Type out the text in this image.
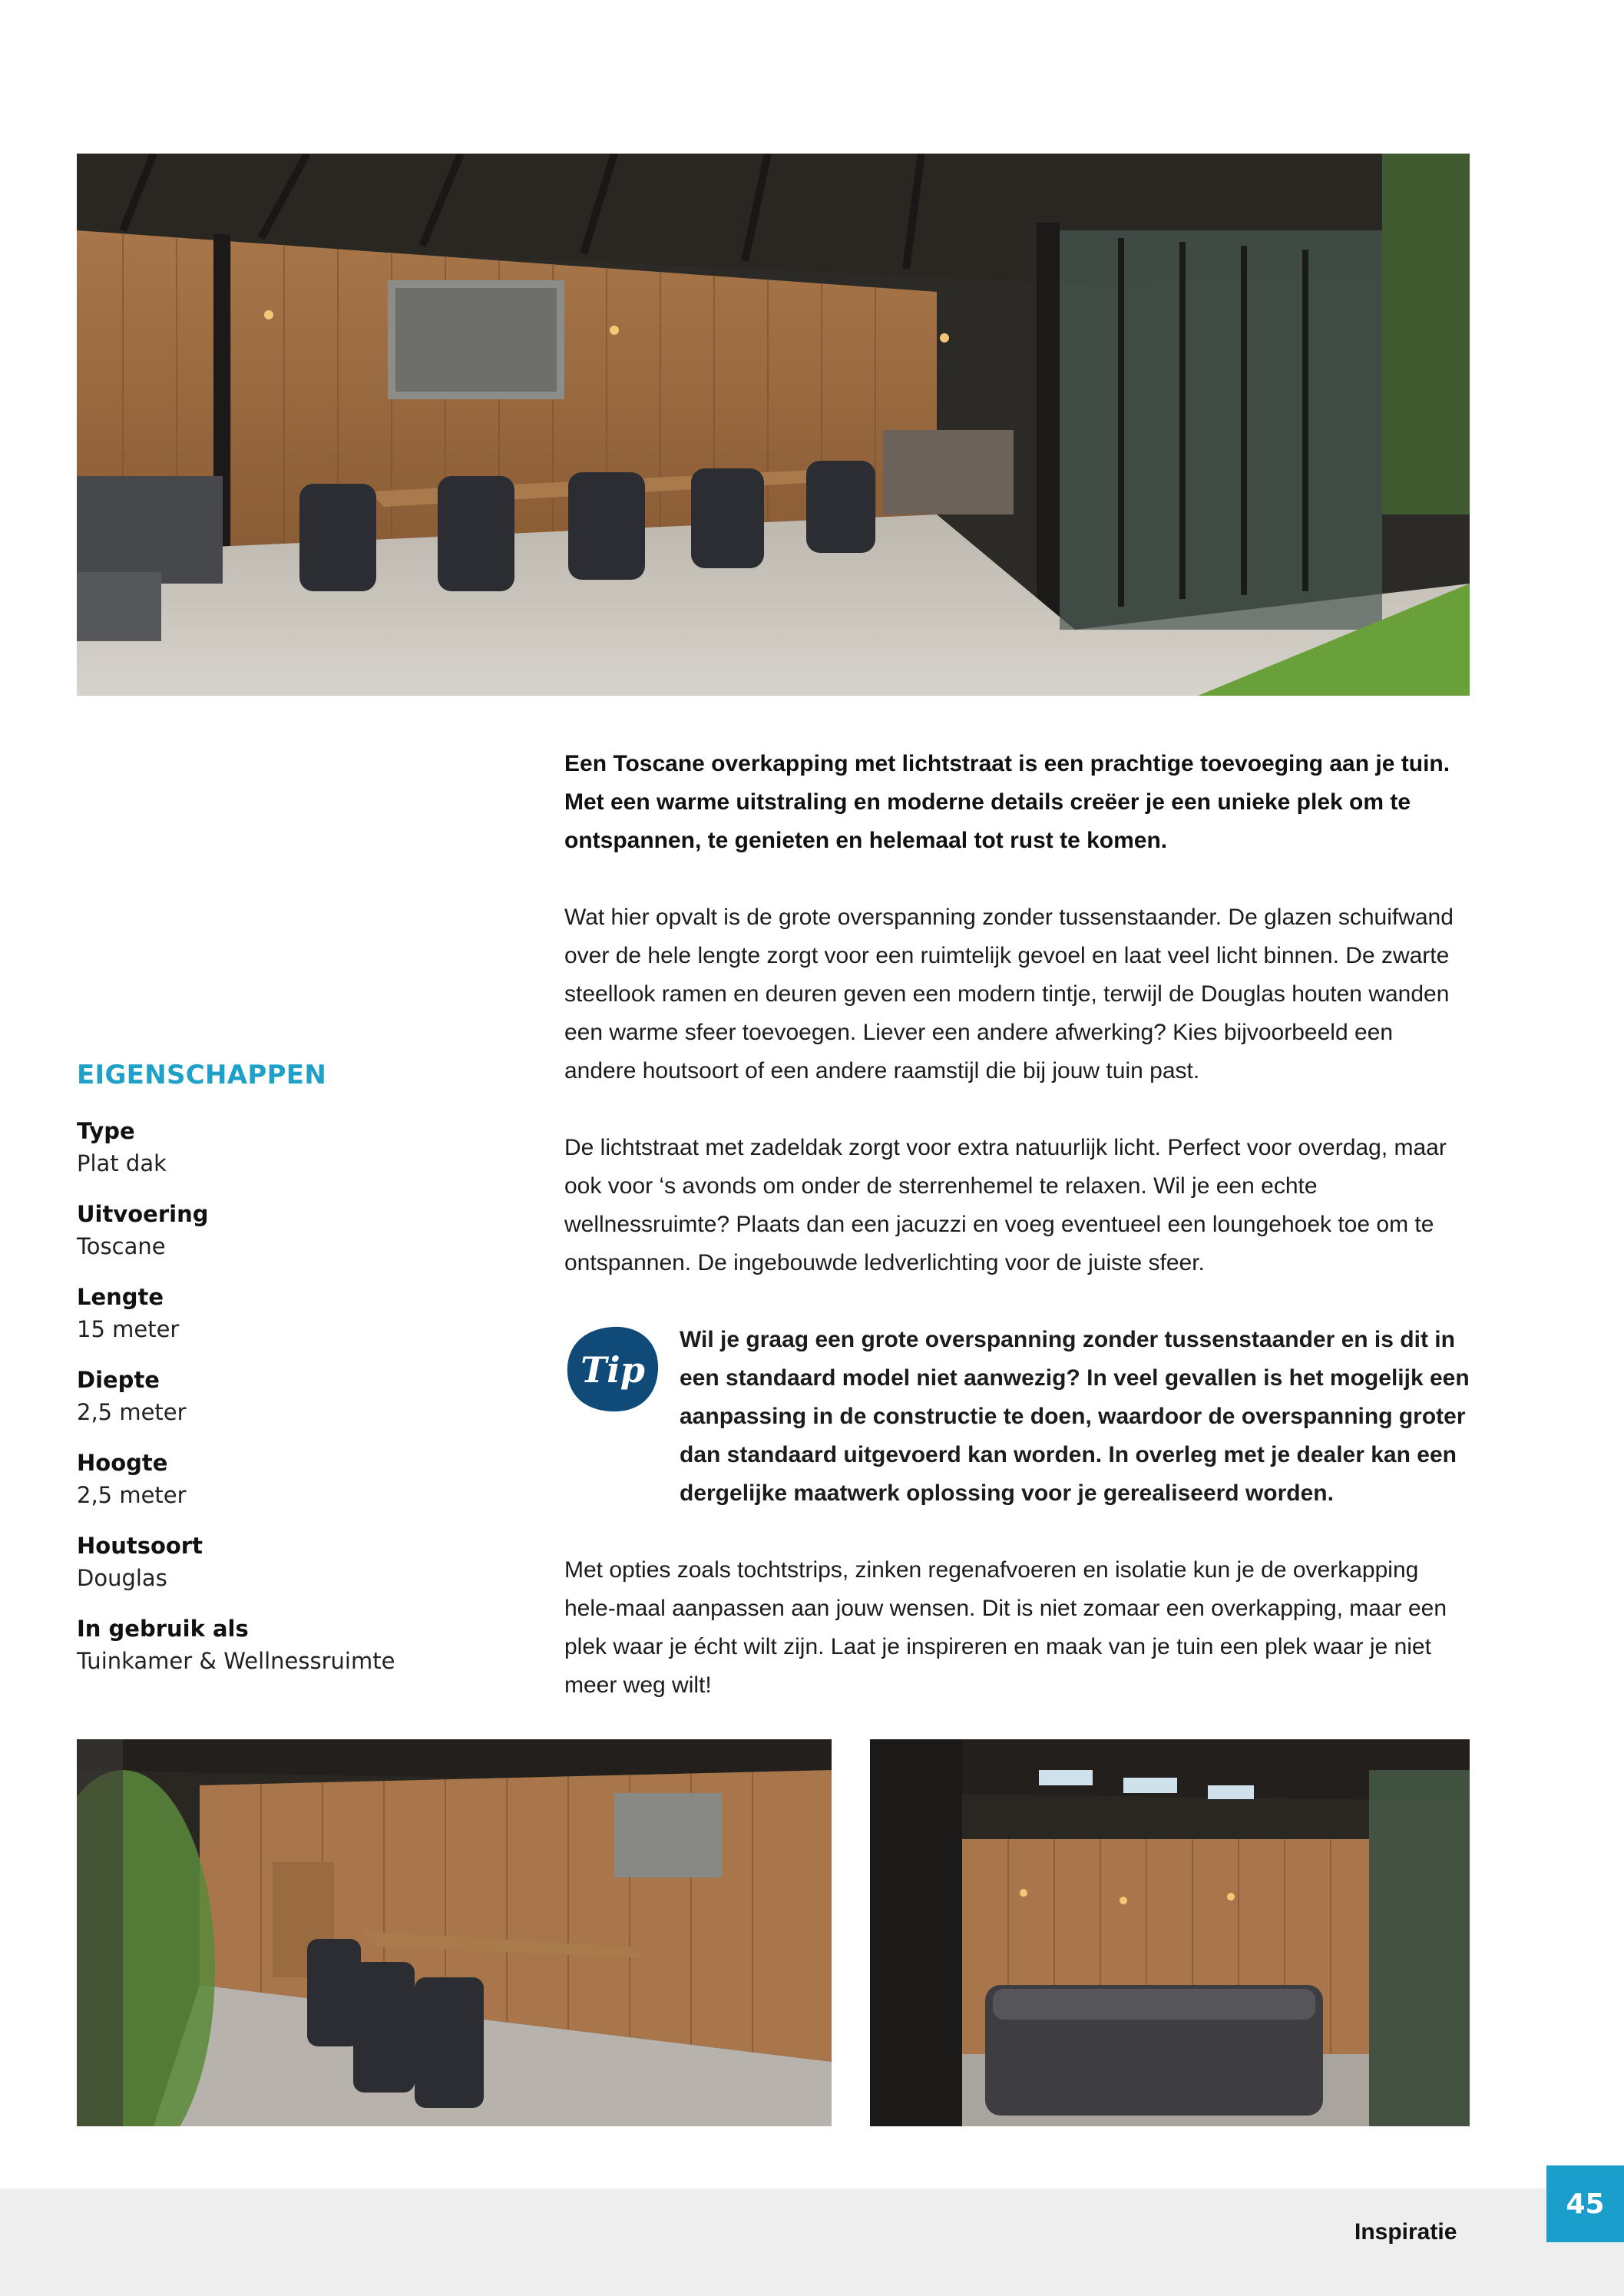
EIGENSCHAPPEN
Type
Plat dak
Uitvoering
Toscane
Lengte
15 meter
Diepte
2,5 meter
Hoogte
2,5 meter
Houtsoort
Douglas
In gebruik als
Tuinkamer & Wellnessruimte

Een Toscane overkapping met lichtstraat is een prachtige toevoeging aan je tuin. Met een warme uitstraling en moderne details creëer je een unieke plek om te ontspannen, te genieten en helemaal tot rust te komen.

Wat hier opvalt is de grote overspanning zonder tussenstaander. De glazen schuifwand over de hele lengte zorgt voor een ruimtelijk gevoel en laat veel licht binnen. De zwarte steellook ramen en deuren geven een modern tintje, terwijl de Douglas houten wanden een warme sfeer toevoegen. Liever een andere afwerking? Kies bijvoorbeeld een andere houtsoort of een andere raamstijl die bij jouw tuin past.

De lichtstraat met zadeldak zorgt voor extra natuurlijk licht. Perfect voor overdag, maar ook voor ‘s avonds om onder de sterrenhemel te relaxen. Wil je een echte wellnessruimte? Plaats dan een jacuzzi en voeg eventueel een loungehoek toe om te ontspannen. De ingebouwde ledverlichting voor de juiste sfeer.

Tip

Wil je graag een grote overspanning zonder tussenstaander en is dit in een standaard model niet aanwezig? In veel gevallen is het mogelijk een aanpassing in de constructie te doen, waardoor de overspanning groter dan standaard uitgevoerd kan worden. In overleg met je dealer kan een dergelijke maatwerk oplossing voor je gerealiseerd worden.

Met opties zoals tochtstrips, zinken regenafvoeren en isolatie kun je de overkapping hele-maal aanpassen aan jouw wensen. Dit is niet zomaar een overkapping, maar een plek waar je écht wilt zijn. Laat je inspireren en maak van je tuin een plek waar je niet meer weg wilt!

Inspiratie
45
